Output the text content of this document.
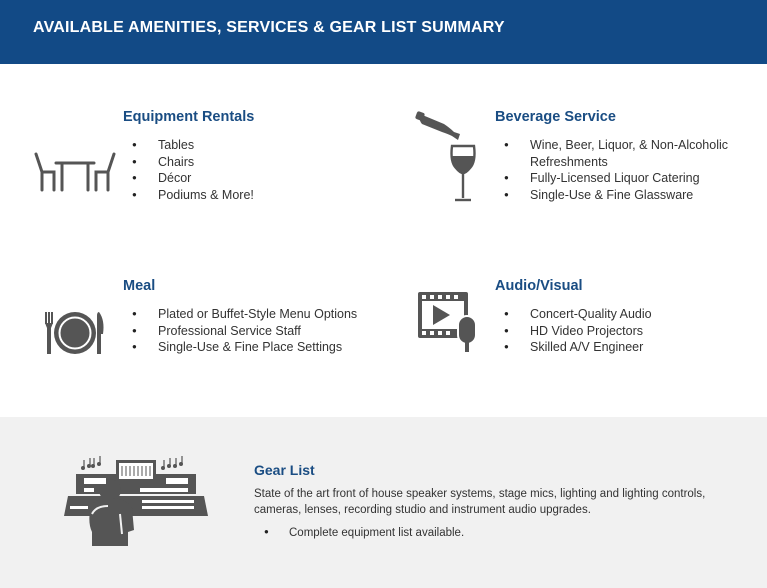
AVAILABLE AMENITIES, SERVICES & GEAR LIST SUMMARY
Equipment Rentals
● Tables
● Chairs
● Décor
● Podiums & More!
Beverage Service
● Wine, Beer, Liquor, & Non-Alcoholic Refreshments
● Fully-Licensed Liquor Catering
● Single-Use & Fine Glassware
Meal
● Plated or Buffet-Style Menu Options
● Professional Service Staff
● Single-Use & Fine Place Settings
Audio/Visual
● Concert-Quality Audio
● HD Video Projectors
● Skilled A/V Engineer
Gear List
State of the art front of house speaker systems, stage mics, lighting and lighting controls, cameras, lenses, recording studio and instrument audio upgrades.
● Complete equipment list available.
